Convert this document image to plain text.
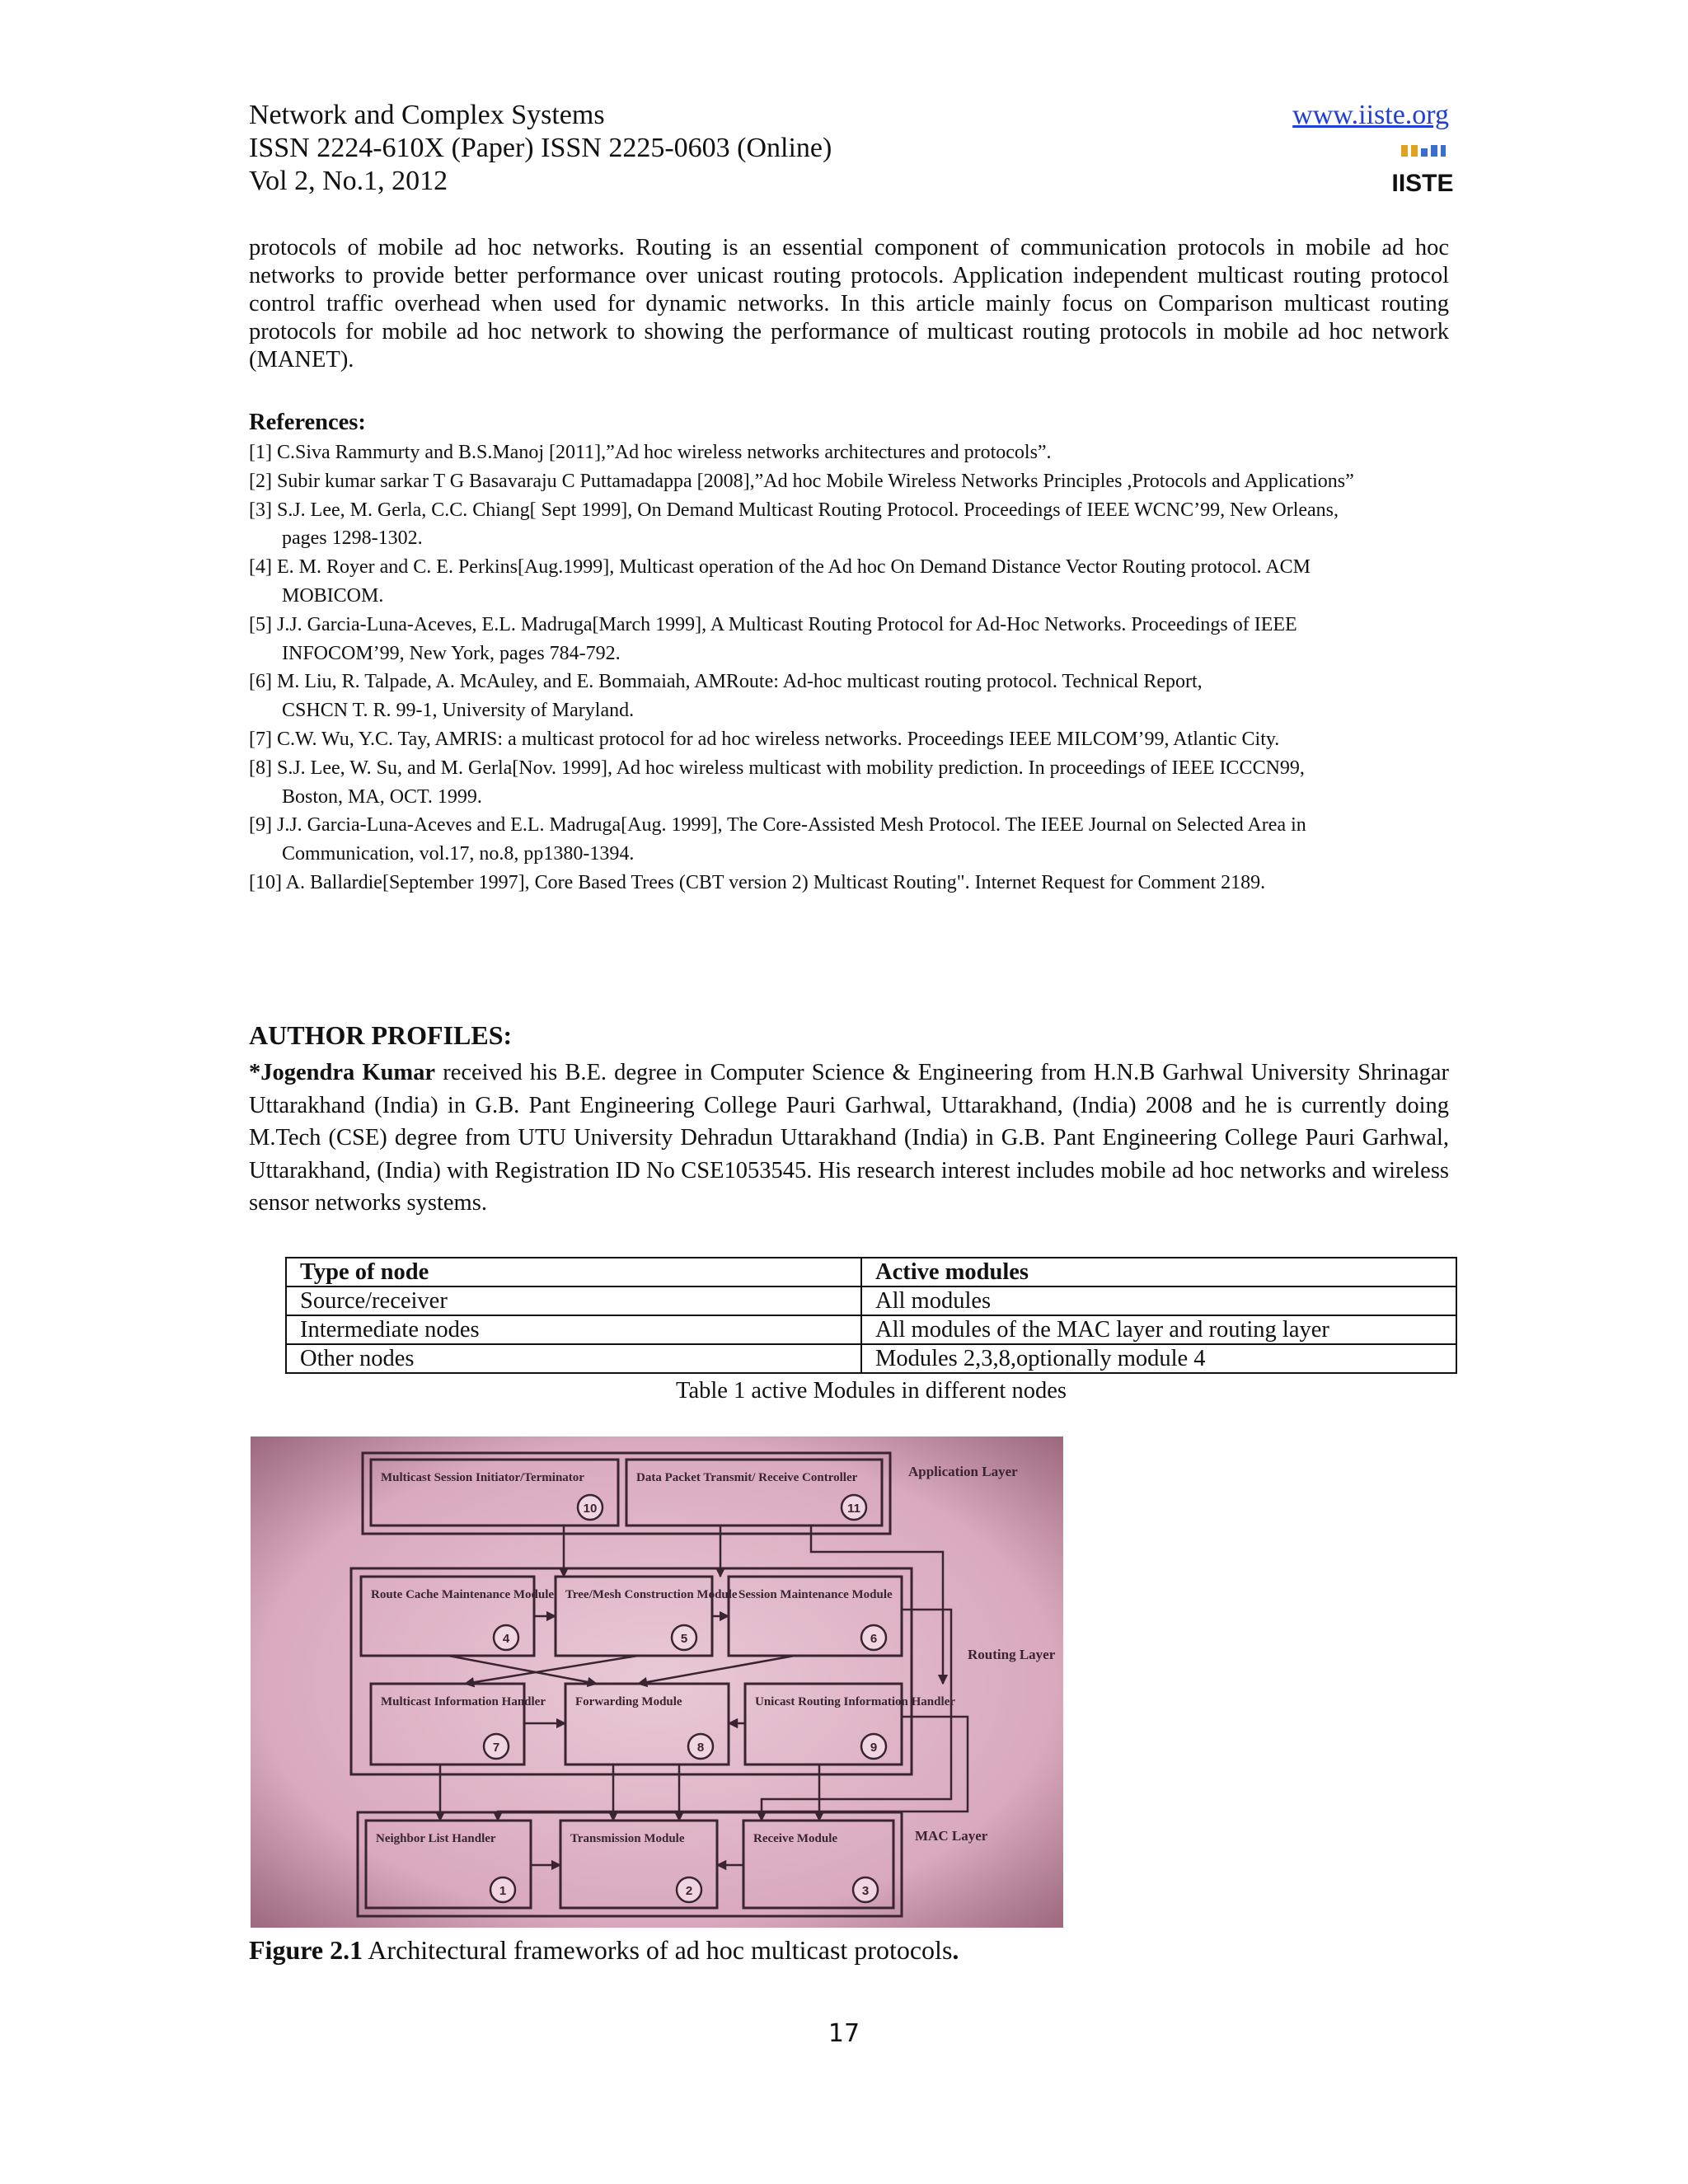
Network and Complex Systems
ISSN 2224-610X (Paper) ISSN 2225-0603 (Online)
Vol 2, No.1, 2012
www.iiste.org
IISTE
protocols of mobile ad hoc networks. Routing is an essential component of communication protocols in mobile ad hoc networks to provide better performance over unicast routing protocols. Application independent multicast routing protocol control traffic overhead when used for dynamic networks. In this article mainly focus on Comparison multicast routing protocols for mobile ad hoc network to showing the performance of multicast routing protocols in mobile ad hoc network (MANET).
References:
[1] C.Siva Rammurty and B.S.Manoj [2011],”Ad hoc wireless networks architectures and protocols”.
[2] Subir kumar sarkar T G Basavaraju C Puttamadappa [2008],”Ad hoc Mobile Wireless Networks Principles ,Protocols and Applications”
[3] S.J. Lee, M. Gerla, C.C. Chiang[ Sept 1999], On Demand Multicast Routing Protocol. Proceedings of IEEE WCNC’99, New Orleans,
pages 1298-1302.
[4] E. M. Royer and C. E. Perkins[Aug.1999], Multicast operation of the Ad hoc On Demand Distance Vector Routing protocol. ACM
MOBICOM.
[5] J.J. Garcia-Luna-Aceves, E.L. Madruga[March 1999], A Multicast Routing Protocol for Ad-Hoc Networks. Proceedings of IEEE
INFOCOM’99, New York, pages 784-792.
[6] M. Liu, R. Talpade, A. McAuley, and E. Bommaiah, AMRoute: Ad-hoc multicast routing protocol. Technical Report,
CSHCN T. R. 99-1, University of Maryland.
[7] C.W. Wu, Y.C. Tay, AMRIS: a multicast protocol for ad hoc wireless networks. Proceedings IEEE MILCOM’99, Atlantic City.
[8] S.J. Lee, W. Su, and M. Gerla[Nov. 1999], Ad hoc wireless multicast with mobility prediction. In proceedings of IEEE ICCCN99,
Boston, MA, OCT. 1999.
[9] J.J. Garcia-Luna-Aceves and E.L. Madruga[Aug. 1999], The Core-Assisted Mesh Protocol. The IEEE Journal on Selected Area in
Communication, vol.17, no.8, pp1380-1394.
[10] A. Ballardie[September 1997], Core Based Trees (CBT version 2) Multicast Routing". Internet Request for Comment 2189.
AUTHOR PROFILES:
*Jogendra Kumar received his B.E. degree in Computer Science & Engineering from H.N.B Garhwal University Shrinagar Uttarakhand (India) in G.B. Pant Engineering College Pauri Garhwal, Uttarakhand, (India) 2008 and he is currently doing M.Tech (CSE) degree from UTU University Dehradun Uttarakhand (India) in G.B. Pant Engineering College Pauri Garhwal, Uttarakhand, (India) with Registration ID No CSE1053545. His research interest includes mobile ad hoc networks and wireless sensor networks systems.
Type of node	Active modules
Source/receiver	All modules
Intermediate nodes	All modules of the MAC layer and routing layer
Other nodes	Modules 2,3,8,optionally module 4
Table 1 active Modules in different nodes
Multicast Session Initiator/Terminator
10
Data Packet Transmit/ Receive Controller
11
Route Cache Maintenance Module
4
Tree/Mesh Construction Module
5
Session Maintenance Module
6
Multicast Information Handler
7
Forwarding Module
8
Unicast Routing Information Handler
9
Neighbor List Handler
1
Transmission Module
2
Receive Module
3
Application Layer
Routing Layer
MAC Layer
Figure 2.1 Architectural frameworks of ad hoc multicast protocols.
17
